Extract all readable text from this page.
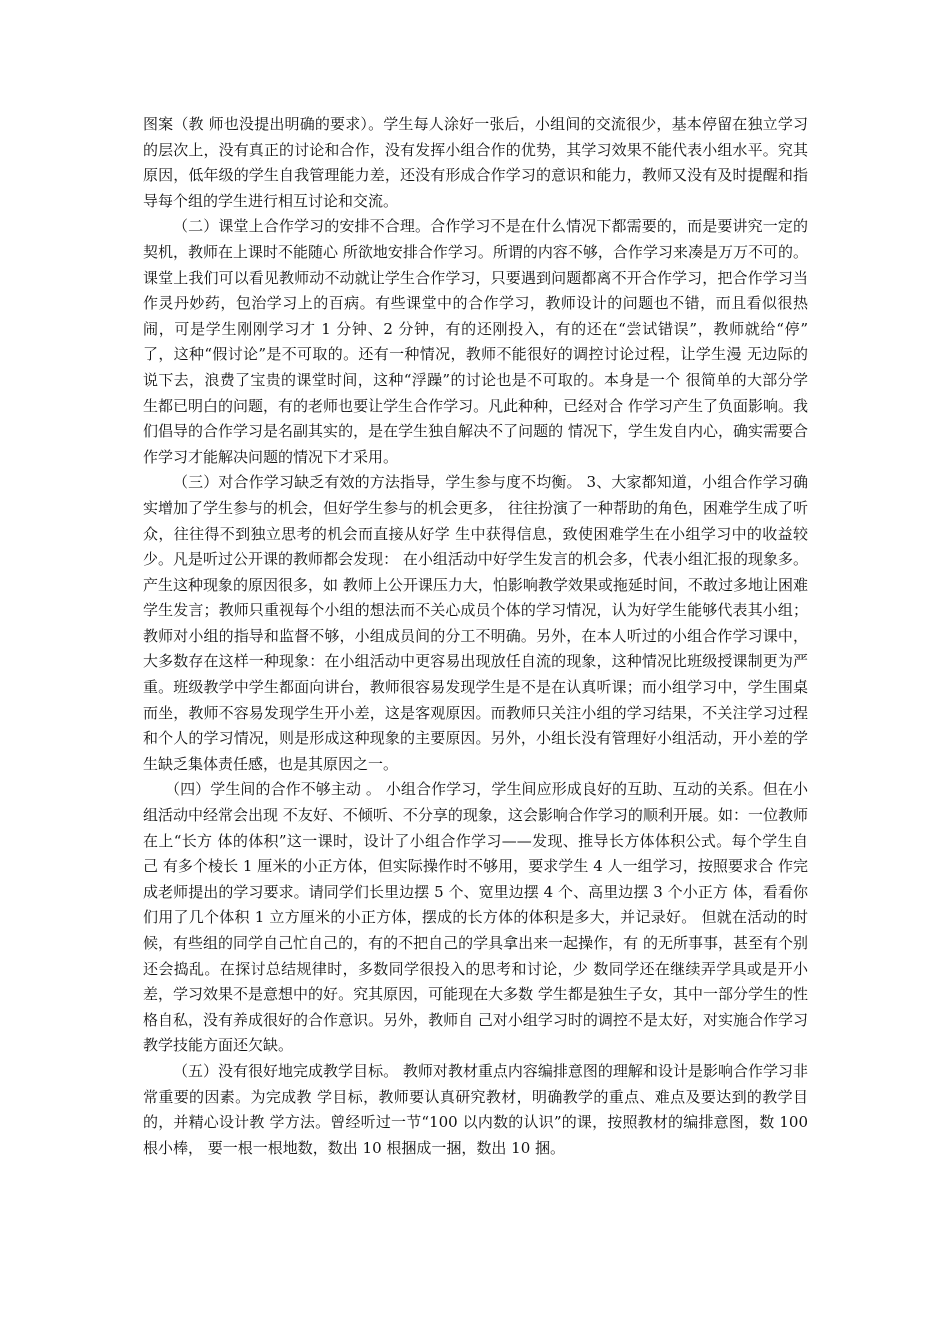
图案（教 师也没提出明确的要求）。学生每人涂好一张后，小组间的交流很少，基本停留在独立学习的层次上，没有真正的讨论和合作，没有发挥小组合作的优势，其学习效果不能代表小组水平。究其原因，低年级的学生自我管理能力差，还没有形成合作学习的意识和能力，教师又没有及时提醒和指导每个组的学生进行相互讨论和交流。

（二）课堂上合作学习的安排不合理。合作学习不是在什么情况下都需要的，而是要讲究一定的契机，教师在上课时不能随心 所欲地安排合作学习。所谓的内容不够，合作学习来凑是万万不可的。课堂上我们可以看见教师动不动就让学生合作学习，只要遇到问题都离不开合作学习，把合作学习当作灵丹妙药，包治学习上的百病。有些课堂中的合作学习，教师设计的问题也不错，而且看似很热闹，可是学生刚刚学习才 1 分钟、2 分钟，有的还刚投入，有的还在“尝试错误”，教师就给“停” 了，这种“假讨论”是不可取的。还有一种情况，教师不能很好的调控讨论过程，让学生漫 无边际的说下去，浪费了宝贵的课堂时间，这种“浮躁”的讨论也是不可取的。本身是一个 很简单的大部分学生都已明白的问题，有的老师也要让学生合作学习。凡此种种，已经对合 作学习产生了负面影响。我们倡导的合作学习是名副其实的，是在学生独自解决不了问题的 情况下，学生发自内心，确实需要合作学习才能解决问题的情况下才采用。

（三）对合作学习缺乏有效的方法指导，学生参与度不均衡。 3、大家都知道，小组合作学习确实增加了学生参与的机会，但好学生参与的机会更多， 往往扮演了一种帮助的角色，困难学生成了听众，往往得不到独立思考的机会而直接从好学 生中获得信息，致使困难学生在小组学习中的收益较少。凡是听过公开课的教师都会发现： 在小组活动中好学生发言的机会多，代表小组汇报的现象多。产生这种现象的原因很多，如 教师上公开课压力大，怕影响教学效果或拖延时间，不敢过多地让困难学生发言；教师只重视每个小组的想法而不关心成员个体的学习情况，认为好学生能够代表其小组；教师对小组的指导和监督不够，小组成员间的分工不明确。另外，在本人听过的小组合作学习课中，大多数存在这样一种现象：在小组活动中更容易出现放任自流的现象，这种情况比班级授课制更为严重。班级教学中学生都面向讲台，教师很容易发现学生是不是在认真听课；而小组学习中，学生围桌而坐，教师不容易发现学生开小差，这是客观原因。而教师只关注小组的学习结果，不关注学习过程和个人的学习情况，则是形成这种现象的主要原因。另外，小组长没有管理好小组活动，开小差的学生缺乏集体责任感，也是其原因之一。

（四）学生间的合作不够主动 。 小组合作学习，学生间应形成良好的互助、互动的关系。但在小组活动中经常会出现 不友好、不倾听、不分享的现象，这会影响合作学习的顺利开展。如：一位教师在上“长方 体的体积”这一课时，设计了小组合作学习——发现、推导长方体体积公式。每个学生自己 有多个棱长 1 厘米的小正方体，但实际操作时不够用，要求学生 4 人一组学习，按照要求合 作完成老师提出的学习要求。请同学们长里边摆 5 个、宽里边摆 4 个、高里边摆 3 个小正方 体，看看你们用了几个体积 1 立方厘米的小正方体，摆成的长方体的体积是多大，并记录好。 但就在活动的时候，有些组的同学自己忙自己的，有的不把自己的学具拿出来一起操作，有 的无所事事，甚至有个别还会捣乱。在探讨总结规律时，多数同学很投入的思考和讨论，少 数同学还在继续弄学具或是开小差，学习效果不是意想中的好。究其原因，可能现在大多数 学生都是独生子女，其中一部分学生的性格自私，没有养成很好的合作意识。另外，教师自 己对小组学习时的调控不是太好，对实施合作学习教学技能方面还欠缺。

（五）没有很好地完成教学目标。 教师对教材重点内容编排意图的理解和设计是影响合作学习非常重要的因素。为完成教 学目标，教师要认真研究教材，明确教学的重点、难点及要达到的教学目的，并精心设计教 学方法。曾经听过一节“100 以内数的认识”的课，按照教材的编排意图，数 100 根小棒， 要一根一根地数，数出 10 根捆成一捆，数出 10 捆。
